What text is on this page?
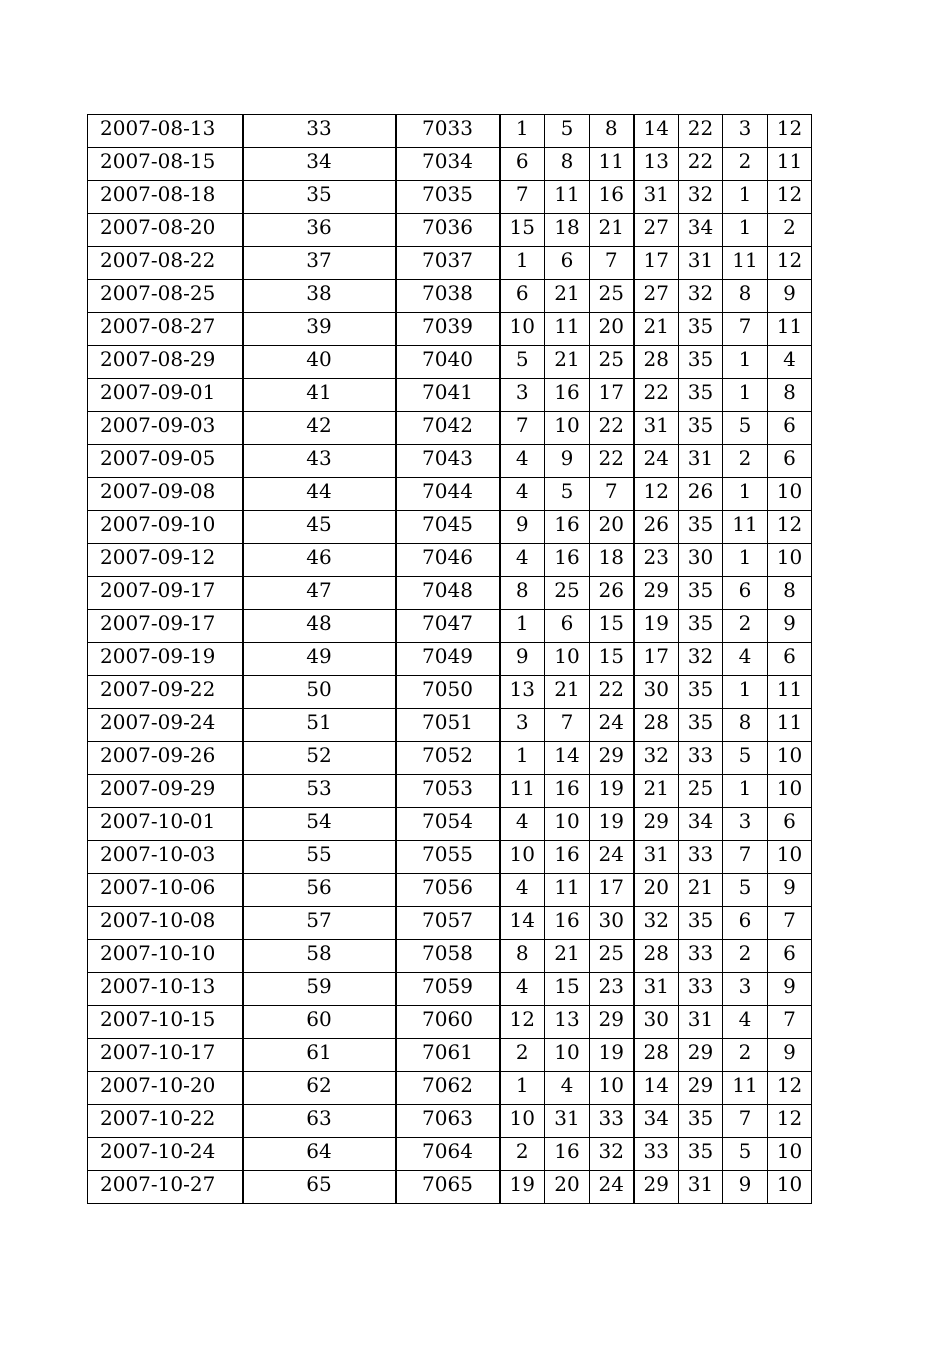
2007-08-13	33	7033	1	5	8	14	22	3	12
2007-08-15	34	7034	6	8	11	13	22	2	11
2007-08-18	35	7035	7	11	16	31	32	1	12
2007-08-20	36	7036	15	18	21	27	34	1	2
2007-08-22	37	7037	1	6	7	17	31	11	12
2007-08-25	38	7038	6	21	25	27	32	8	9
2007-08-27	39	7039	10	11	20	21	35	7	11
2007-08-29	40	7040	5	21	25	28	35	1	4
2007-09-01	41	7041	3	16	17	22	35	1	8
2007-09-03	42	7042	7	10	22	31	35	5	6
2007-09-05	43	7043	4	9	22	24	31	2	6
2007-09-08	44	7044	4	5	7	12	26	1	10
2007-09-10	45	7045	9	16	20	26	35	11	12
2007-09-12	46	7046	4	16	18	23	30	1	10
2007-09-17	47	7048	8	25	26	29	35	6	8
2007-09-17	48	7047	1	6	15	19	35	2	9
2007-09-19	49	7049	9	10	15	17	32	4	6
2007-09-22	50	7050	13	21	22	30	35	1	11
2007-09-24	51	7051	3	7	24	28	35	8	11
2007-09-26	52	7052	1	14	29	32	33	5	10
2007-09-29	53	7053	11	16	19	21	25	1	10
2007-10-01	54	7054	4	10	19	29	34	3	6
2007-10-03	55	7055	10	16	24	31	33	7	10
2007-10-06	56	7056	4	11	17	20	21	5	9
2007-10-08	57	7057	14	16	30	32	35	6	7
2007-10-10	58	7058	8	21	25	28	33	2	6
2007-10-13	59	7059	4	15	23	31	33	3	9
2007-10-15	60	7060	12	13	29	30	31	4	7
2007-10-17	61	7061	2	10	19	28	29	2	9
2007-10-20	62	7062	1	4	10	14	29	11	12
2007-10-22	63	7063	10	31	33	34	35	7	12
2007-10-24	64	7064	2	16	32	33	35	5	10
2007-10-27	65	7065	19	20	24	29	31	9	10
